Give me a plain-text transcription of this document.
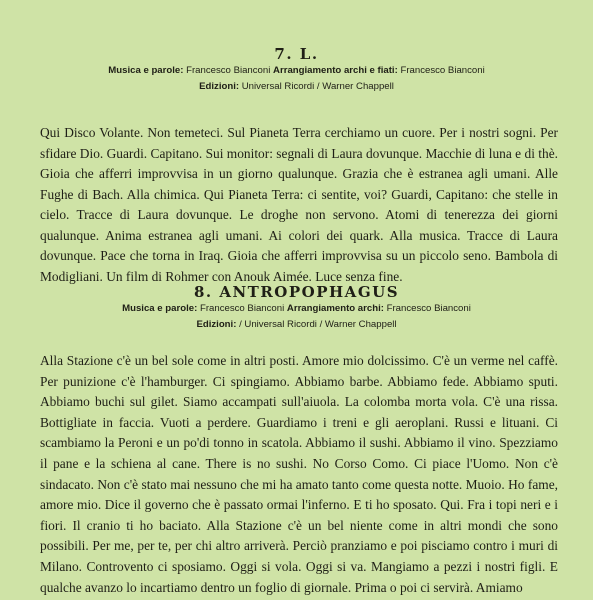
7. L.

Musica e parole: Francesco Bianconi Arrangiamento archi e fiati: Francesco Bianconi

Edizioni: Universal Ricordi / Warner Chappell

Qui Disco Volante. Non temeteci. Sul Pianeta Terra cerchiamo un cuore. Per i nostri sogni. Per sfidare Dio. Guardi. Capitano. Sui monitor: segnali di Laura dovunque. Macchie di luna e di thè. Gioia che afferri improvvisa in un giorno qualunque. Grazia che è estranea agli umani. Alle Fughe di Bach. Alla chimica. Qui Pianeta Terra: ci sentite, voi? Guardi, Capitano: che stelle in cielo. Tracce di Laura dovunque. Le droghe non servono. Atomi di tenerezza dei giorni qualunque. Anima estranea agli umani. Ai colori dei quark. Alla musica. Tracce di Laura dovunque. Pace che torna in Iraq. Gioia che afferri improvvisa su un piccolo seno. Bambola di Modigliani. Un film di Rohmer con Anouk Aimée. Luce senza fine.

8. ANTROPOPHAGUS

Musica e parole: Francesco Bianconi Arrangiamento archi: Francesco Bianconi

Edizioni: / Universal Ricordi / Warner Chappell

Alla Stazione c'è un bel sole come in altri posti. Amore mio dolcissimo. C'è un verme nel caffè. Per punizione c'è l'hamburger. Ci spingiamo. Abbiamo barbe. Abbiamo fede. Abbiamo sputi. Abbiamo buchi sul gilet. Siamo accampati sull'aiuola. La colomba morta vola. C'è una rissa. Bottigliate in faccia. Vuoti a perdere. Guardiamo i treni e gli aeroplani. Russi e lituani. Ci scambiamo la Peroni e un po'di tonno in scatola. Abbiamo il sushi. Abbiamo il vino. Spezziamo il pane e la schiena al cane. There is no sushi. No Corso Como. Ci piace l'Uomo. Non c'è sindacato. Non c'è stato mai nessuno che mi ha amato tanto come questa notte. Muoio. Ho fame, amore mio. Dice il governo che è passato ormai l'inferno. E ti ho sposato. Qui. Fra i topi neri e i fiori. Il cranio ti ho baciato. Alla Stazione c'è un bel niente come in altri mondi che sono possibili. Per me, per te, per chi altro arriverà. Perciò pranziamo e poi pisciamo contro i muri di Milano. Controvento ci sposiamo. Oggi si vola. Oggi si va. Mangiamo a pezzi i nostri figli. E qualche avanzo lo incartiamo dentro un foglio di giornale. Prima o poi ci servirà. Amiamo
